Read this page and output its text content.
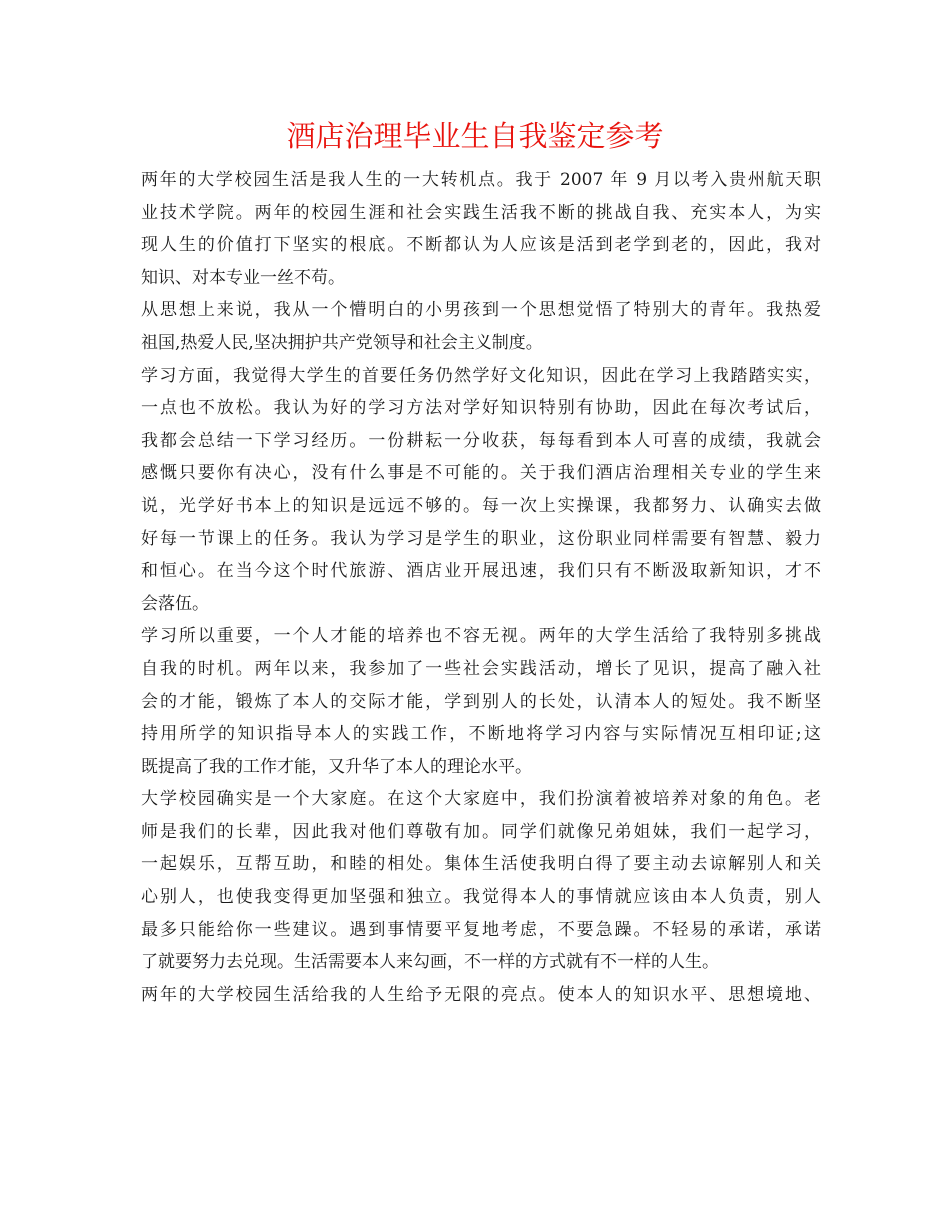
酒店治理毕业生自我鉴定参考
两年的大学校园生活是我人生的一大转机点。我于 2007 年 9 月以考入贵州航天职
业技术学院。两年的校园生涯和社会实践生活我不断的挑战自我、充实本人，为实
现人生的价值打下坚实的根底。不断都认为人应该是活到老学到老的，因此，我对
知识、对本专业一丝不苟。
从思想上来说，我从一个懵明白的小男孩到一个思想觉悟了特别大的青年。我热爱
祖国,热爱人民,坚决拥护共产党领导和社会主义制度。
学习方面，我觉得大学生的首要任务仍然学好文化知识，因此在学习上我踏踏实实，
一点也不放松。我认为好的学习方法对学好知识特别有协助，因此在每次考试后，
我都会总结一下学习经历。一份耕耘一分收获，每每看到本人可喜的成绩，我就会
感慨只要你有决心，没有什么事是不可能的。关于我们酒店治理相关专业的学生来
说，光学好书本上的知识是远远不够的。每一次上实操课，我都努力、认确实去做
好每一节课上的任务。我认为学习是学生的职业，这份职业同样需要有智慧、毅力
和恒心。在当今这个时代旅游、酒店业开展迅速，我们只有不断汲取新知识，才不
会落伍。
学习所以重要，一个人才能的培养也不容无视。两年的大学生活给了我特别多挑战
自我的时机。两年以来，我参加了一些社会实践活动，增长了见识，提高了融入社
会的才能，锻炼了本人的交际才能，学到别人的长处，认清本人的短处。我不断坚
持用所学的知识指导本人的实践工作，不断地将学习内容与实际情况互相印证;这
既提高了我的工作才能，又升华了本人的理论水平。
大学校园确实是一个大家庭。在这个大家庭中，我们扮演着被培养对象的角色。老
师是我们的长辈，因此我对他们尊敬有加。同学们就像兄弟姐妹，我们一起学习，
一起娱乐，互帮互助，和睦的相处。集体生活使我明白得了要主动去谅解别人和关
心别人，也使我变得更加坚强和独立。我觉得本人的事情就应该由本人负责，别人
最多只能给你一些建议。遇到事情要平复地考虑，不要急躁。不轻易的承诺，承诺
了就要努力去兑现。生活需要本人来勾画，不一样的方式就有不一样的人生。
两年的大学校园生活给我的人生给予无限的亮点。使本人的知识水平、思想境地、
